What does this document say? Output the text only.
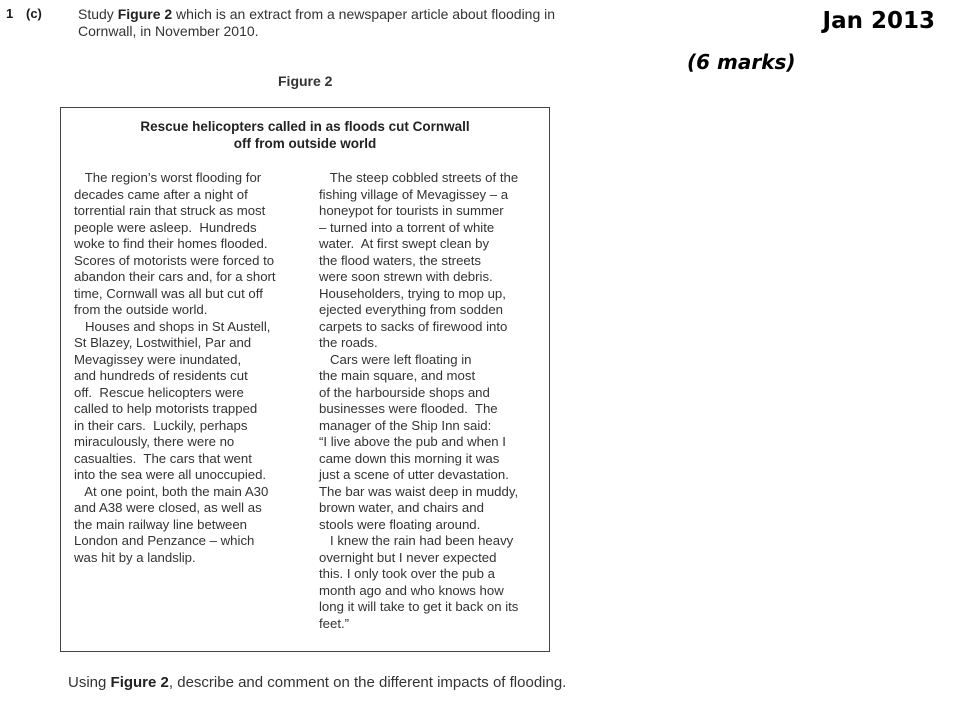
1 (c)	Study Figure 2 which is an extract from a newspaper article about flooding in Cornwall, in November 2010.	Jan 2013
(6 marks)
Figure 2
Rescue helicopters called in as floods cut Cornwall
off from outside world
The region’s worst flooding for
decades came after a night of
torrential rain that struck as most
people were asleep.  Hundreds
woke to find their homes flooded.
Scores of motorists were forced to
abandon their cars and, for a short
time, Cornwall was all but cut off
from the outside world.
Houses and shops in St Austell,
St Blazey, Lostwithiel, Par and
Mevagissey were inundated,
and hundreds of residents cut
off.  Rescue helicopters were
called to help motorists trapped
in their cars.  Luckily, perhaps
miraculously, there were no
casualties.  The cars that went
into the sea were all unoccupied.
At one point, both the main A30
and A38 were closed, as well as
the main railway line between
London and Penzance – which
was hit by a landslip.
The steep cobbled streets of the
fishing village of Mevagissey – a
honeypot for tourists in summer
– turned into a torrent of white
water.  At first swept clean by
the flood waters, the streets
were soon strewn with debris.
Householders, trying to mop up,
ejected everything from sodden
carpets to sacks of firewood into
the roads.
Cars were left floating in
the main square, and most
of the harbourside shops and
businesses were flooded.  The
manager of the Ship Inn said:
“I live above the pub and when I
came down this morning it was
just a scene of utter devastation.
The bar was waist deep in muddy,
brown water, and chairs and
stools were floating around.
I knew the rain had been heavy
overnight but I never expected
this. I only took over the pub a
month ago and who knows how
long it will take to get it back on its
feet.”
Using Figure 2, describe and comment on the different impacts of flooding.
